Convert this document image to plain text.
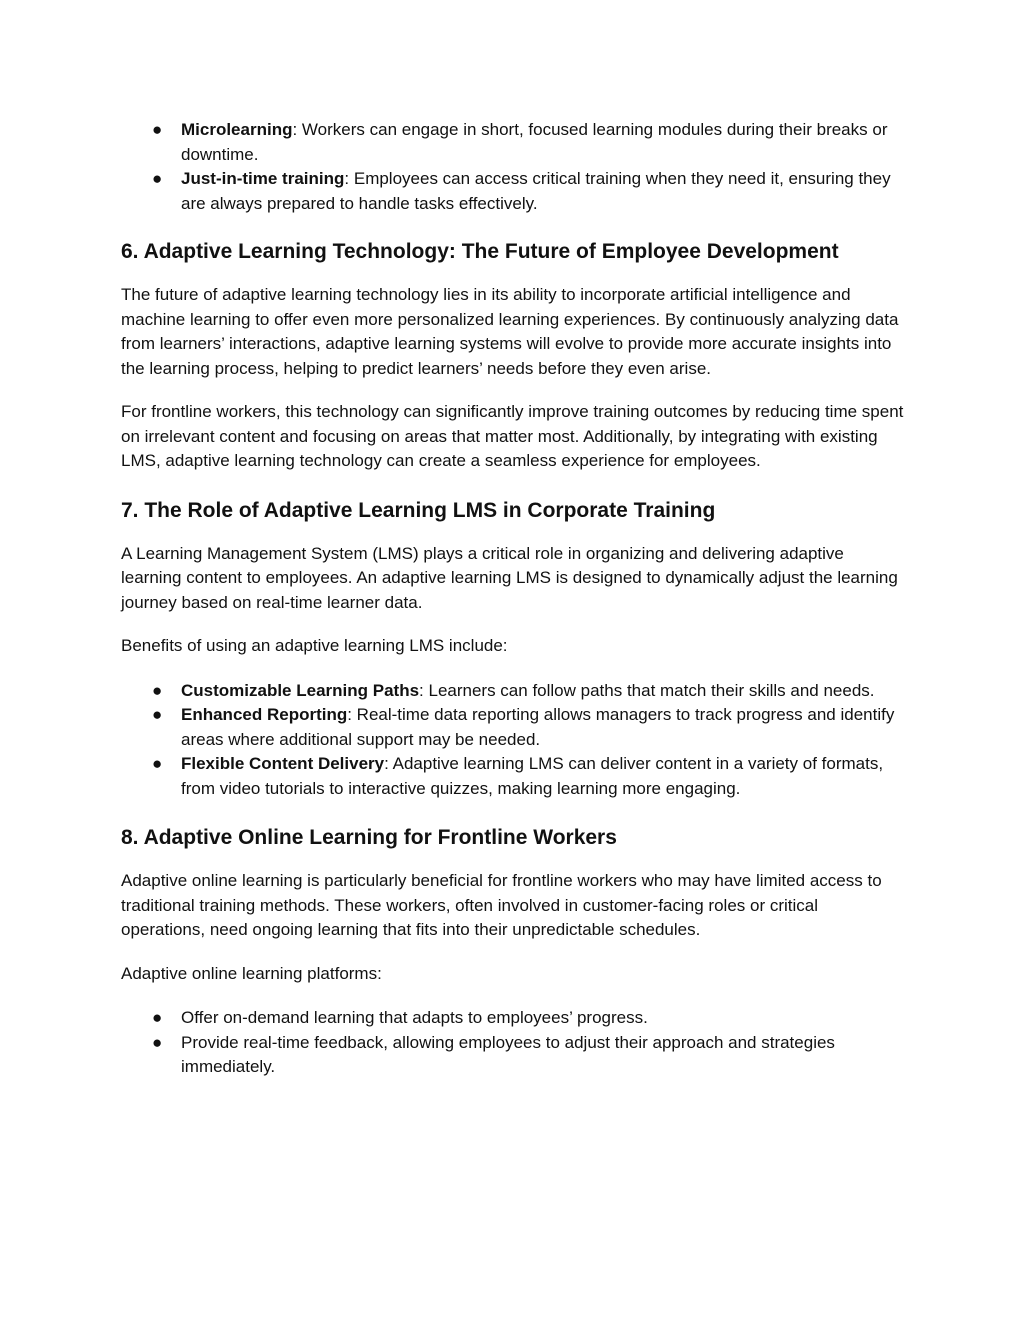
● Microlearning: Workers can engage in short, focused learning modules during their breaks or downtime.
● Just-in-time training: Employees can access critical training when they need it, ensuring they are always prepared to handle tasks effectively.
6. Adaptive Learning Technology: The Future of Employee Development

The future of adaptive learning technology lies in its ability to incorporate artificial intelligence and machine learning to offer even more personalized learning experiences. By continuously analyzing data from learners’ interactions, adaptive learning systems will evolve to provide more accurate insights into the learning process, helping to predict learners’ needs before they even arise.

For frontline workers, this technology can significantly improve training outcomes by reducing time spent on irrelevant content and focusing on areas that matter most. Additionally, by integrating with existing LMS, adaptive learning technology can create a seamless experience for employees.

7. The Role of Adaptive Learning LMS in Corporate Training

A Learning Management System (LMS) plays a critical role in organizing and delivering adaptive learning content to employees. An adaptive learning LMS is designed to dynamically adjust the learning journey based on real-time learner data.

Benefits of using an adaptive learning LMS include:

● Customizable Learning Paths: Learners can follow paths that match their skills and needs.
● Enhanced Reporting: Real-time data reporting allows managers to track progress and identify areas where additional support may be needed.
● Flexible Content Delivery: Adaptive learning LMS can deliver content in a variety of formats, from video tutorials to interactive quizzes, making learning more engaging.
8. Adaptive Online Learning for Frontline Workers

Adaptive online learning is particularly beneficial for frontline workers who may have limited access to traditional training methods. These workers, often involved in customer-facing roles or critical operations, need ongoing learning that fits into their unpredictable schedules.

Adaptive online learning platforms:

● Offer on-demand learning that adapts to employees’ progress.
● Provide real-time feedback, allowing employees to adjust their approach and strategies immediately.
